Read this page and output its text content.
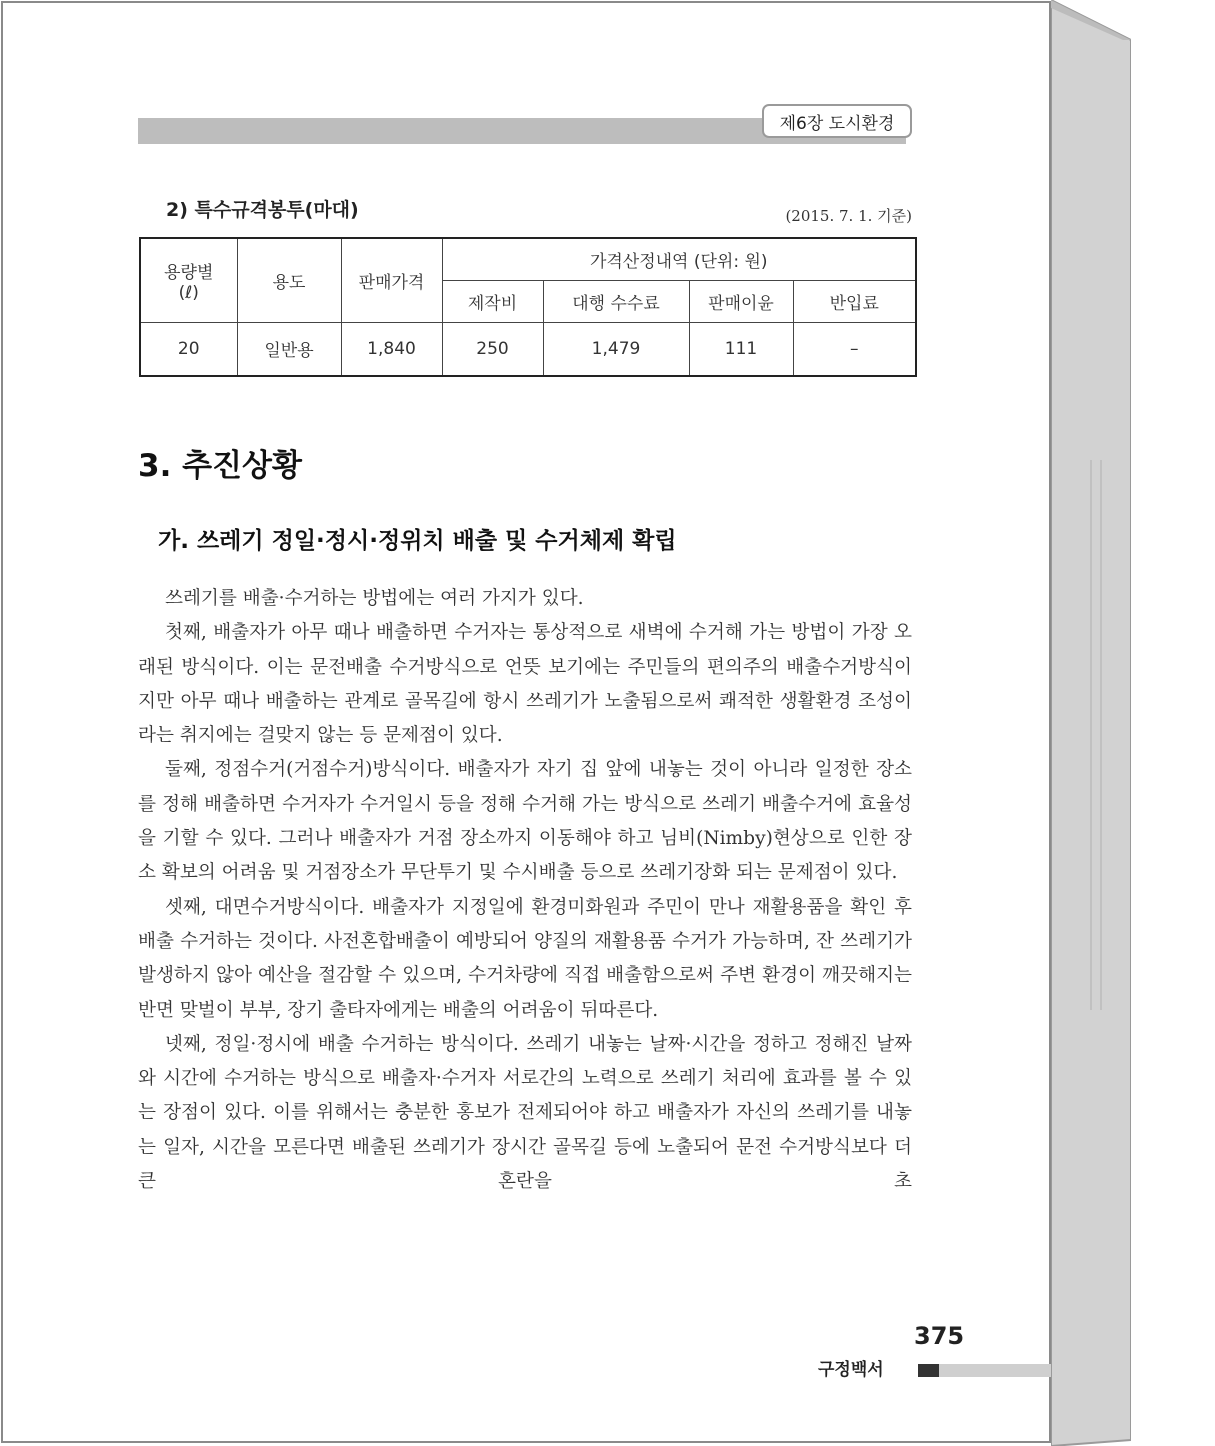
제6장 도시환경
2) 특수규격봉투(마대)	(2015. 7. 1. 기준)
용량별
(ℓ)	용도	판매가격	가격산정내역 (단위: 원)			
			제작비	대행 수수료	판매이윤	반입료
20	일반용	1,840	250	1,479	111	–
3. 추진상황
가. 쓰레기 정일·정시·정위치 배출 및 수거체제 확립

쓰레기를 배출·수거하는 방법에는 여러 가지가 있다.

첫째, 배출자가 아무 때나 배출하면 수거자는 통상적으로 새벽에 수거해 가는 방법이 가장 오래된 방식이다. 이는 문전배출 수거방식으로 언뜻 보기에는 주민들의 편의주의 배출수거방식이지만 아무 때나 배출하는 관계로 골목길에 항시 쓰레기가 노출됨으로써 쾌적한 생활환경 조성이라는 취지에는 걸맞지 않는 등 문제점이 있다.

둘째, 정점수거(거점수거)방식이다. 배출자가 자기 집 앞에 내놓는 것이 아니라 일정한 장소를 정해 배출하면 수거자가 수거일시 등을 정해 수거해 가는 방식으로 쓰레기 배출수거에 효율성을 기할 수 있다. 그러나 배출자가 거점 장소까지 이동해야 하고 님비(Nimby)현상으로 인한 장소 확보의 어려움 및 거점장소가 무단투기 및 수시배출 등으로 쓰레기장화 되는 문제점이 있다.

셋째, 대면수거방식이다. 배출자가 지정일에 환경미화원과 주민이 만나 재활용품을 확인 후 배출 수거하는 것이다. 사전혼합배출이 예방되어 양질의 재활용품 수거가 가능하며, 잔 쓰레기가 발생하지 않아 예산을 절감할 수 있으며, 수거차량에 직접 배출함으로써 주변 환경이 깨끗해지는 반면 맞벌이 부부, 장기 출타자에게는 배출의 어려움이 뒤따른다.

넷째, 정일·정시에 배출 수거하는 방식이다. 쓰레기 내놓는 날짜·시간을 정하고 정해진 날짜와 시간에 수거하는 방식으로 배출자·수거자 서로간의 노력으로 쓰레기 처리에 효과를 볼 수 있는 장점이 있다. 이를 위해서는 충분한 홍보가 전제되어야 하고 배출자가 자신의 쓰레기를 내놓는 일자, 시간을 모른다면 배출된 쓰레기가 장시간 골목길 등에 노출되어 문전 수거방식보다 더 큰 혼란을 초

375
구정백서
